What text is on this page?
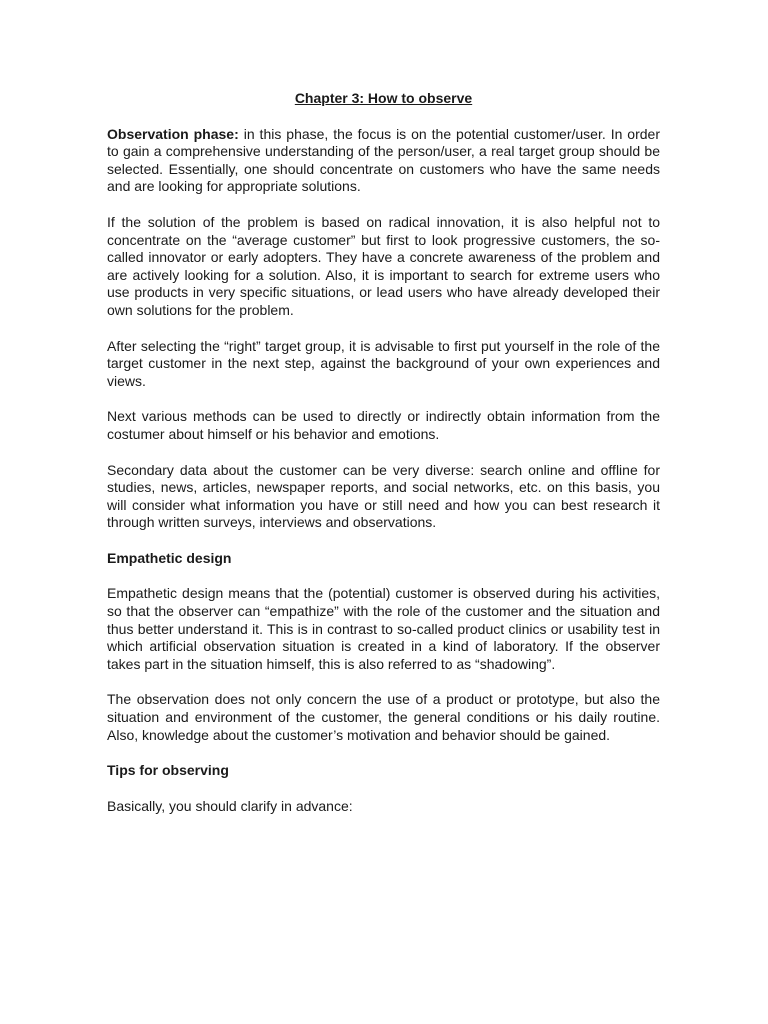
Chapter 3: How to observe

Observation phase: in this phase, the focus is on the potential customer/user. In order to gain a comprehensive understanding of the person/user, a real target group should be selected. Essentially, one should concentrate on customers who have the same needs and are looking for appropriate solutions.

If the solution of the problem is based on radical innovation, it is also helpful not to concentrate on the “average customer” but first to look progressive customers, the so-called innovator or early adopters. They have a concrete awareness of the problem and are actively looking for a solution. Also, it is important to search for extreme users who use products in very specific situations, or lead users who have already developed their own solutions for the problem.

After selecting the “right” target group, it is advisable to first put yourself in the role of the target customer in the next step, against the background of your own experiences and views.

Next various methods can be used to directly or indirectly obtain information from the costumer about himself or his behavior and emotions.

Secondary data about the customer can be very diverse: search online and offline for studies, news, articles, newspaper reports, and social networks, etc. on this basis, you will consider what information you have or still need and how you can best research it through written surveys, interviews and observations.

Empathetic design

Empathetic design means that the (potential) customer is observed during his activities, so that the observer can “empathize” with the role of the customer and the situation and thus better understand it. This is in contrast to so-called product clinics or usability test in which artificial observation situation is created in a kind of laboratory. If the observer takes part in the situation himself, this is also referred to as “shadowing”.

The observation does not only concern the use of a product or prototype, but also the situation and environment of the customer, the general conditions or his daily routine. Also, knowledge about the customer’s motivation and behavior should be gained.

Tips for observing

Basically, you should clarify in advance:
